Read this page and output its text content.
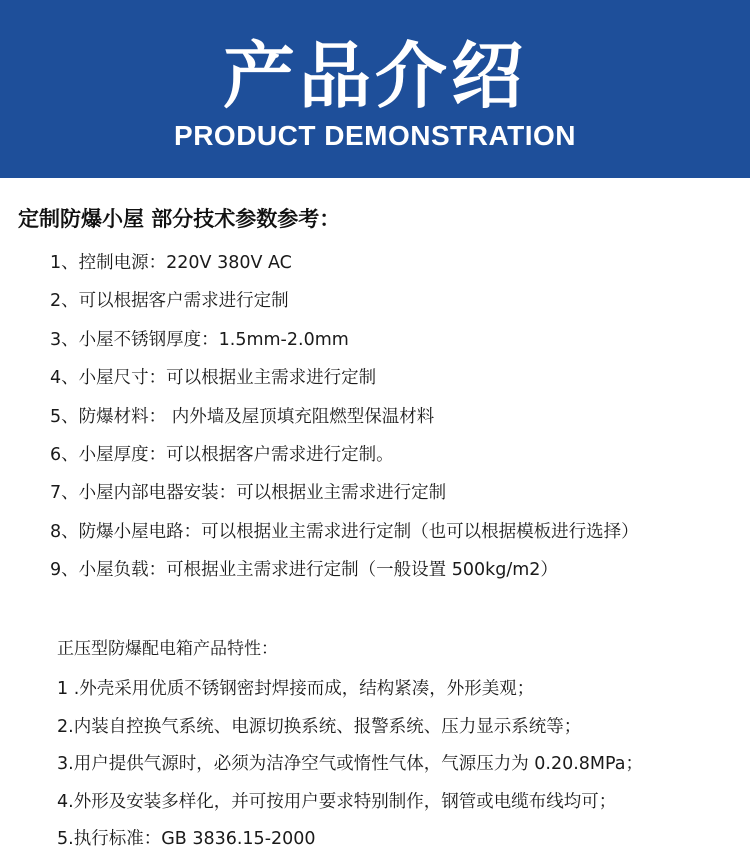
产品介绍
PRODUCT DEMONSTRATION
定制防爆小屋 部分技术参数参考：
1、控制电源：220V 380V AC
2、可以根据客户需求进行定制
3、小屋不锈钢厚度：1.5mm-2.0mm
4、小屋尺寸：可以根据业主需求进行定制
5、防爆材料： 内外墙及屋顶填充阻燃型保温材料
6、小屋厚度：可以根据客户需求进行定制。
7、小屋内部电器安装：可以根据业主需求进行定制
8、防爆小屋电路：可以根据业主需求进行定制（也可以根据模板进行选择）
9、小屋负载：可根据业主需求进行定制（一般设置 500kg/m2）
正压型防爆配电箱产品特性：
1 .外壳采用优质不锈钢密封焊接而成，结构紧凑，外形美观；
2.内装自控换气系统、电源切换系统、报警系统、压力显示系统等；
3.用户提供气源时，必须为洁净空气或惰性气体，气源压力为 0.20.8MPa；
4.外形及安装多样化，并可按用户要求特别制作，钢管或电缆布线均可；
5.执行标准：GB 3836.15-2000
